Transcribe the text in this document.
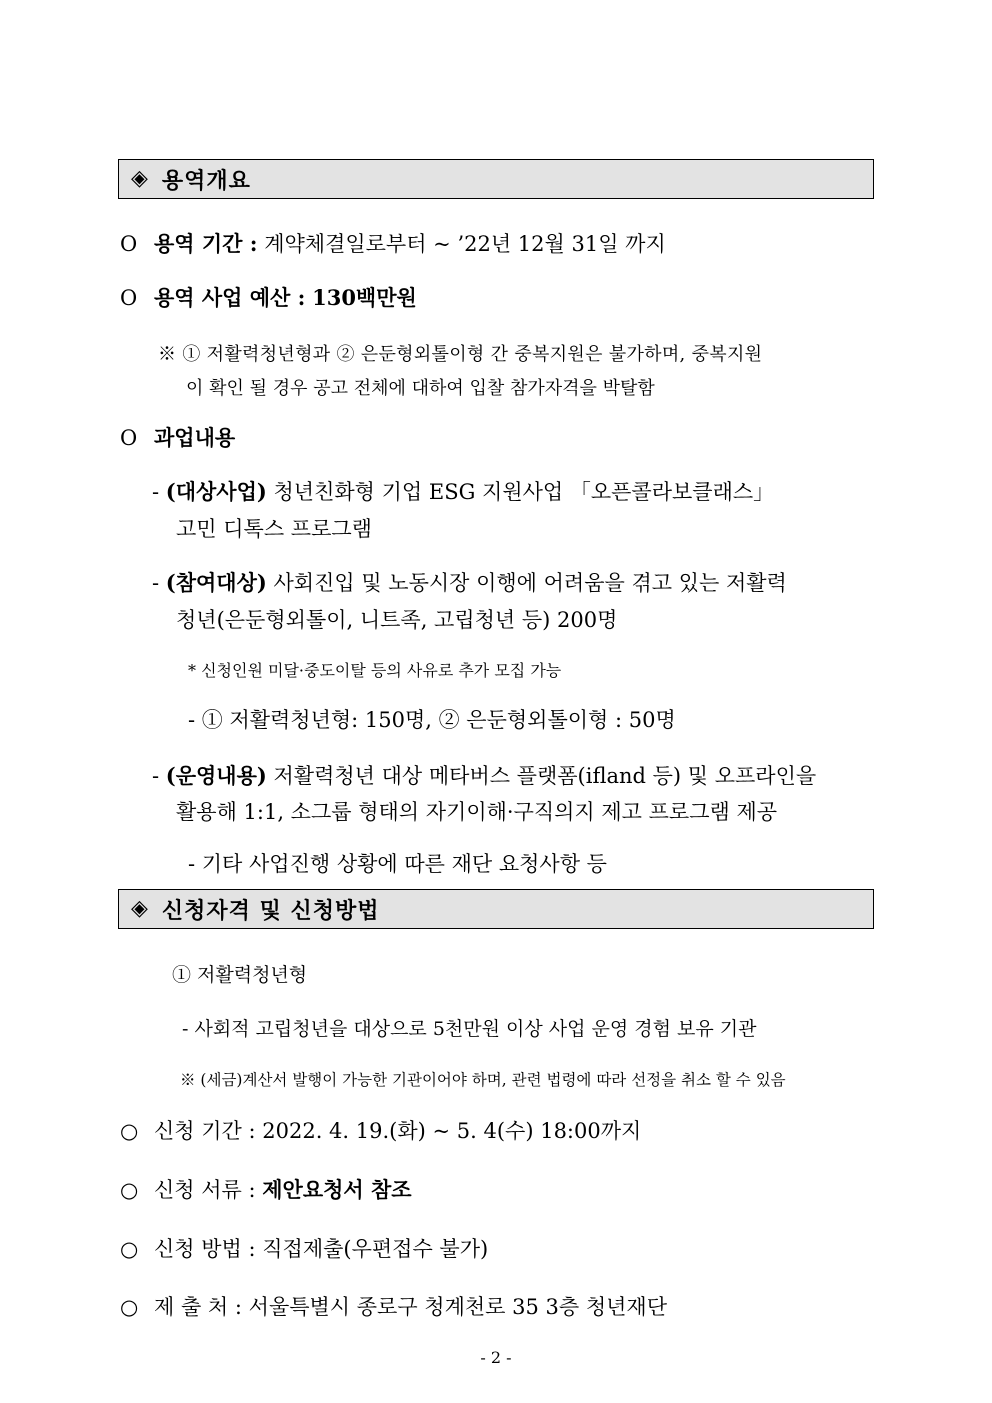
◈ 용역개요
O 용역 기간 : 계약체결일로부터 ~ ’22년 12월 31일 까지
O 용역 사업 예산 : 130백만원
※ ① 저활력청년형과 ② 은둔형외톨이형 간 중복지원은 불가하며, 중복지원
이 확인 될 경우 공고 전체에 대하여 입찰 참가자격을 박탈함
O 과업내용
- (대상사업) 청년친화형 기업 ESG 지원사업 「오픈콜라보클래스」
고민 디톡스 프로그램
- (참여대상) 사회진입 및 노동시장 이행에 어려움을 겪고 있는 저활력
청년(은둔형외톨이, 니트족, 고립청년 등) 200명
* 신청인원 미달·중도이탈 등의 사유로 추가 모집 가능
- ① 저활력청년형: 150명, ② 은둔형외톨이형 : 50명
- (운영내용) 저활력청년 대상 메타버스 플랫폼(ifland 등) 및 오프라인을
활용해 1:1, 소그룹 형태의 자기이해·구직의지 제고 프로그램 제공
- 기타 사업진행 상황에 따른 재단 요청사항 등
◈ 신청자격 및 신청방법
① 저활력청년형
- 사회적 고립청년을 대상으로 5천만원 이상 사업 운영 경험 보유 기관
※ (세금)계산서 발행이 가능한 기관이어야 하며, 관련 법령에 따라 선정을 취소 할 수 있음
○ 신청 기간 : 2022. 4. 19.(화) ~ 5. 4(수) 18:00까지
○ 신청 서류 : 제안요청서 참조
○ 신청 방법 : 직접제출(우편접수 불가)
○ 제 출 처 : 서울특별시 종로구 청계천로 35 3층 청년재단
- 2 -
